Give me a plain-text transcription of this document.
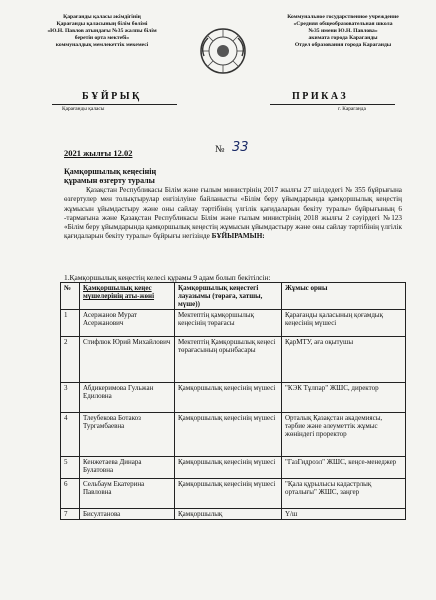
Қарағанды қаласы әкімдігінің
Қарағанды қаласының білім бөлімі
«Ю.Н. Павлов атындағы №35 жалпы білім
беретін орта мектебі»
коммуналдық мемлекеттік мекемесі
Коммунальное государственное учреждение
«Средняя общеобразовательная школа
№35 имени Ю.Н. Павлова»
акимата города Караганды
Отдел образования города Караганды
БҰЙРЫҚ	ПРИКАЗ
Қарағанды қаласы	г. Караганда
2021 жылғы 12.02	№ 33
Қамқоршылық кеңесінің
құрамын өзгерту туралы
Қазақстан Республикасы Білім және ғылым министрінің 2017 жылғы 27 шілдедегі № 355 бұйрығына өзгертулер мен толықтырулар енгізілуіне байланысты «Білім беру ұйымдарында қамқоршылық кеңестің жұмысын ұйымдастыру және оны сайлау тәртібінің үлгілік қағидаларын бекіту туралы» бұйрығының 6 -тармағына және Қазақстан Республикасы Білім және ғылым министрінің 2018 жылғы 2 сәуірдегі №123 «Білім беру ұйымдарында қамқоршылық кеңестің жұмысын ұйымдастыру және оны сайлау тәртібінің үлгілік қағидаларын бекіту туралы» бұйрығы негізінде БҰЙЫРАМЫН:
1.Қамқоршылық кеңестің келесі құрамы 9 адам болып бекітілсін:
№	Қамқоршылық кеңес мүшелерінің аты-жөні	Қамқоршылық кеңестегі лауазымы (төрағa, хатшы, мүше))	Жұмыс орны
1	Асержанов Мурат Асержанович	Мектептің қамқоршылық кеңесінің төрағасы	Қарағанды қаласының қоғамдық кеңесінің мүшесі
2	Стифлюк Юрий Михайлович	Мектептің Қамқоршылық кеңесі төрағасының орынбасары	ҚарМТУ, аға оқытушы
3	Абдикеримова Гульжан Едиловна	Қамқоршылық кеңесінің мүшесі	"КЭК Тұлпар" ЖШС, директор
4	Тлеубекова Ботакоз Тургамбаевна	Қамқоршылық кеңесінің мүшесі	Орталық Қазақстан академиясы, тәрбие және әлеуметтік жұмыс жөніндегі проректор
5	Кенжетаева Динара Булатовна	Қамқоршылық кеңесінің мүшесі	"ГазГидроэл" ЖШС, кеңсе-менеджер
6	Сельбаум Екатерина Павловна	Қамқоршылық кеңесінің мүшесі	"Қала құрылысы кадастрлық орталығы" ЖШС, заңгер
7	Бисултанова	Қамқоршылық	Ү/ш
